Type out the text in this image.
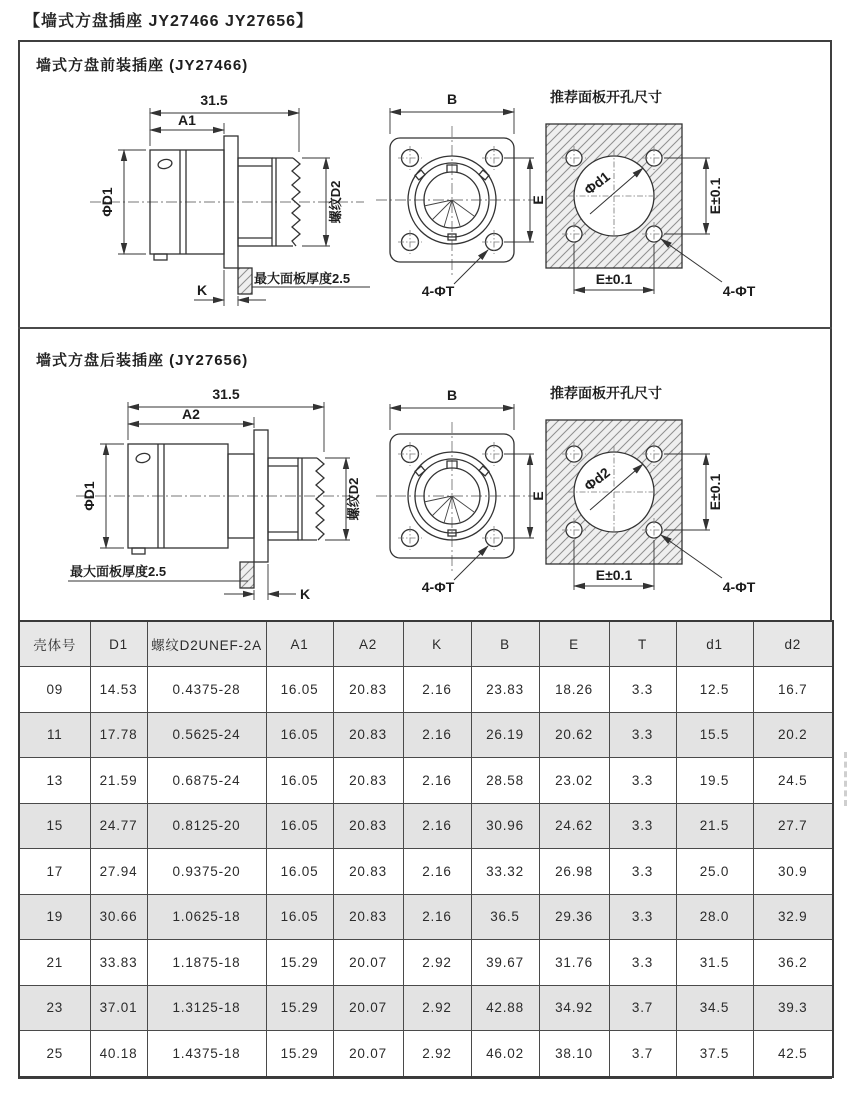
【墙式方盘插座 JY27466 JY27656】
墙式方盘前装插座 (JY27466)
墙式方盘后装插座 (JY27656)
31.5
A1
ΦD1	螺纹D2
K
最大面板厚度2.5
B
E
4-ΦT
推荐面板开孔尺寸
Φd1	E±0.1
E±0.1
4-ΦT
31.5
A2
ΦD1	螺纹D2
最大面板厚度2.5
K
B
E
4-ΦT
推荐面板开孔尺寸
Φd2	E±0.1
E±0.1
4-ΦT
壳体号	D1	螺纹D2UNEF-2A	A1	A2	K	B	E	T	d1	d2
09	14.53	0.4375-28	16.05	20.83	2.16	23.83	18.26	3.3	12.5	16.7
11	17.78	0.5625-24	16.05	20.83	2.16	26.19	20.62	3.3	15.5	20.2
13	21.59	0.6875-24	16.05	20.83	2.16	28.58	23.02	3.3	19.5	24.5
15	24.77	0.8125-20	16.05	20.83	2.16	30.96	24.62	3.3	21.5	27.7
17	27.94	0.9375-20	16.05	20.83	2.16	33.32	26.98	3.3	25.0	30.9
19	30.66	1.0625-18	16.05	20.83	2.16	36.5	29.36	3.3	28.0	32.9
21	33.83	1.1875-18	15.29	20.07	2.92	39.67	31.76	3.3	31.5	36.2
23	37.01	1.3125-18	15.29	20.07	2.92	42.88	34.92	3.7	34.5	39.3
25	40.18	1.4375-18	15.29	20.07	2.92	46.02	38.10	3.7	37.5	42.5
